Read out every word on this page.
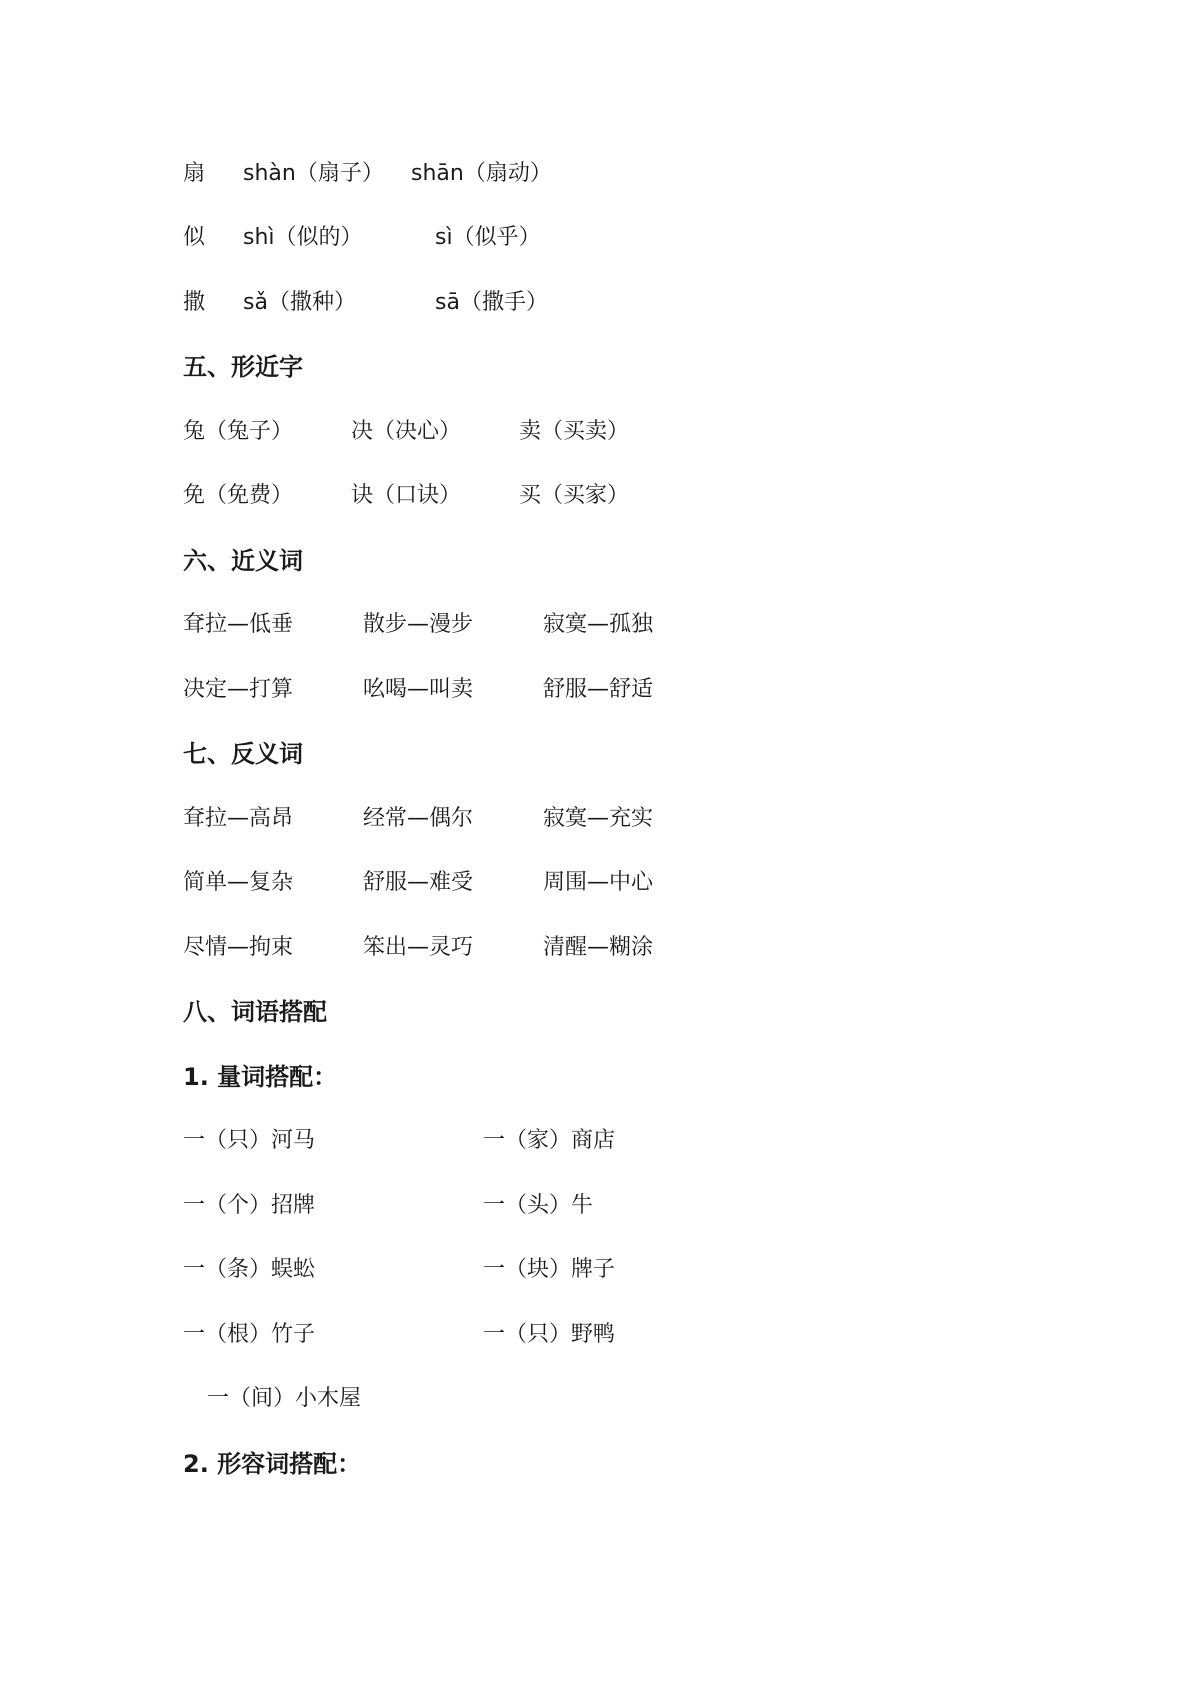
扇 shàn（扇子） shān（扇动）
似 shì（似的）	sì（似乎）
撒 sǎ（撒种）	sā（撒手）
五、形近字
兔（兔子）	决（决心）	卖（买卖）
免（免费）	诀（口诀）	买（买家）
六、近义词
耷拉—低垂	散步—漫步	寂寞—孤独
决定—打算	吆喝—叫卖	舒服—舒适
七、反义词
耷拉—高昂	经常—偶尔	寂寞—充实
简单—复杂	舒服—难受	周围—中心
尽情—拘束	笨出—灵巧	清醒—糊涂
八、词语搭配
1. 量词搭配：
一（只）河马	一（家）商店
一（个）招牌	一（头）牛
一（条）蜈蚣	一（块）牌子
一（根）竹子	一（只）野鸭
一（间）小木屋
2. 形容词搭配：
